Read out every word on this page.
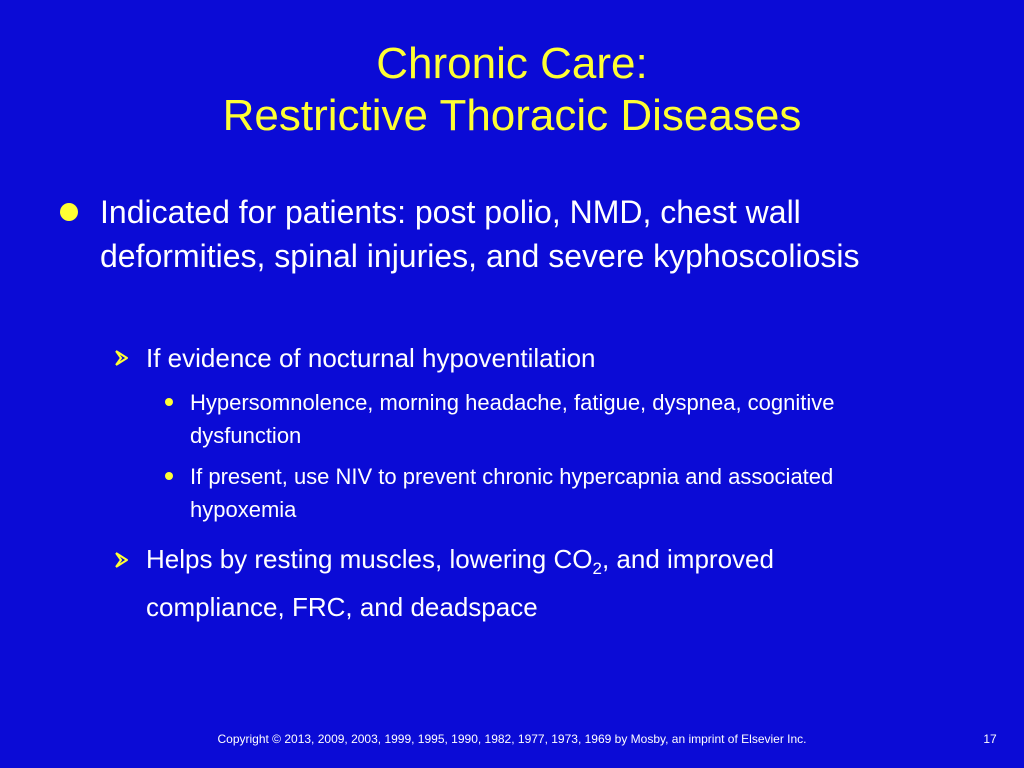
Chronic Care:
Restrictive Thoracic Diseases
Indicated for patients: post polio, NMD, chest wall deformities, spinal injuries, and severe kyphoscoliosis
If evidence of nocturnal hypoventilation
Hypersomnolence, morning headache, fatigue, dyspnea, cognitive dysfunction
If present, use NIV to prevent chronic hypercapnia and associated hypoxemia
Helps by resting muscles, lowering $CO_2$, and improved compliance, FRC, and deadspace
Copyright © 2013, 2009, 2003, 1999, 1995, 1990, 1982, 1977, 1973, 1969 by Mosby, an imprint of Elsevier Inc.	17
